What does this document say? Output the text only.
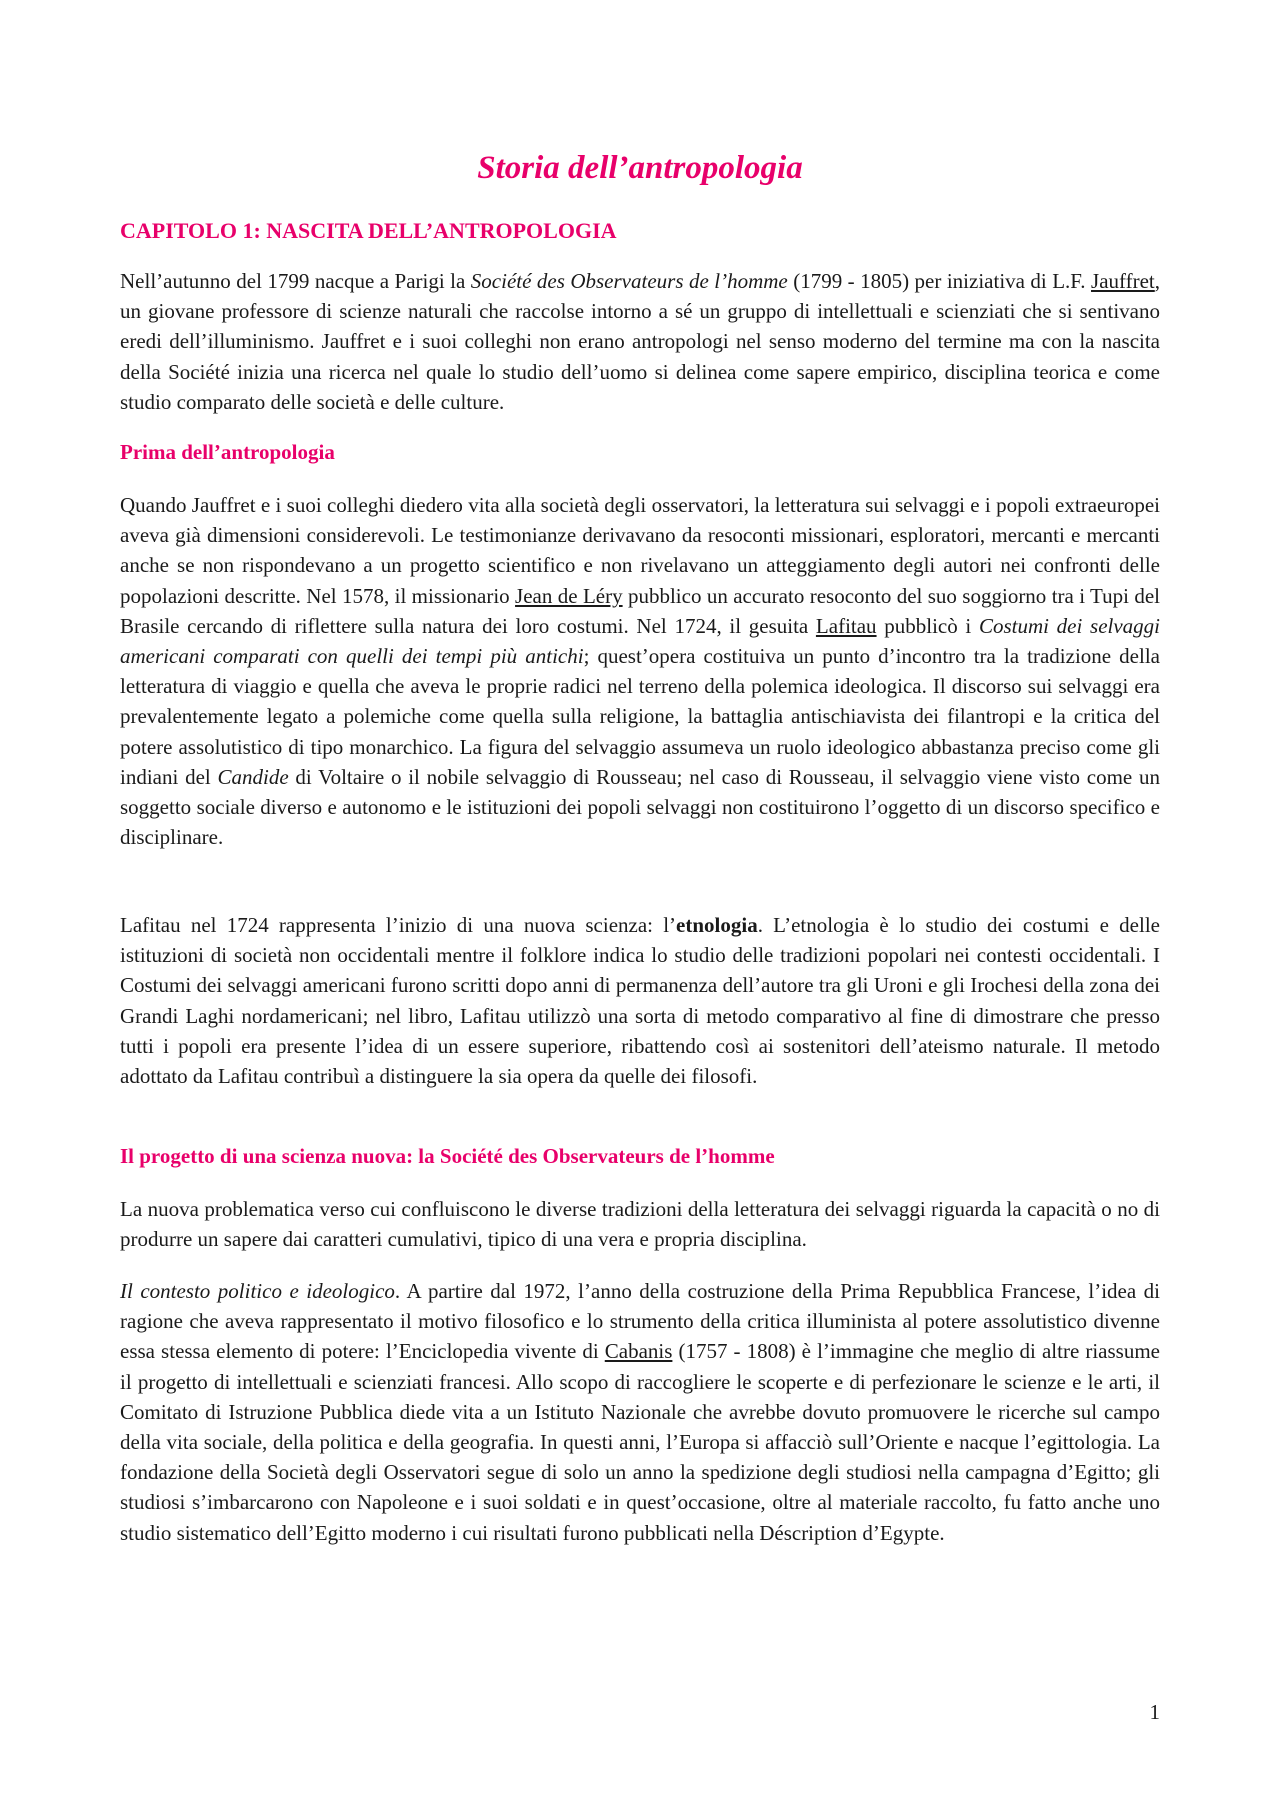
Storia dell’antropologia
CAPITOLO 1: NASCITA DELL’ANTROPOLOGIA

Nell’autunno del 1799 nacque a Parigi la Société des Observateurs de l’homme (1799 - 1805) per iniziativa di L.F. Jauffret, un giovane professore di scienze naturali che raccolse intorno a sé un gruppo di intellettuali e scienziati che si sentivano eredi dell’illuminismo. Jauffret e i suoi colleghi non erano antropologi nel senso moderno del termine ma con la nascita della Société inizia una ricerca nel quale lo studio dell’uomo si delinea come sapere empirico, disciplina teorica e come studio comparato delle società e delle culture.

Prima dell’antropologia

Quando Jauffret e i suoi colleghi diedero vita alla società degli osservatori, la letteratura sui selvaggi e i popoli extraeuropei aveva già dimensioni considerevoli. Le testimonianze derivavano da resoconti missionari, esploratori, mercanti e mercanti anche se non rispondevano a un progetto scientifico e non rivelavano un atteggiamento degli autori nei confronti delle popolazioni descritte. Nel 1578, il missionario Jean de Léry pubblico un accurato resoconto del suo soggiorno tra i Tupi del Brasile cercando di riflettere sulla natura dei loro costumi. Nel 1724, il gesuita Lafitau pubblicò i Costumi dei selvaggi americani comparati con quelli dei tempi più antichi; quest’opera costituiva un punto d’incontro tra la tradizione della letteratura di viaggio e quella che aveva le proprie radici nel terreno della polemica ideologica. Il discorso sui selvaggi era prevalentemente legato a polemiche come quella sulla religione, la battaglia antischiavista dei filantropi e la critica del potere assolutistico di tipo monarchico. La figura del selvaggio assumeva un ruolo ideologico abbastanza preciso come gli indiani del Candide di Voltaire o il nobile selvaggio di Rousseau; nel caso di Rousseau, il selvaggio viene visto come un soggetto sociale diverso e autonomo e le istituzioni dei popoli selvaggi non costituirono l’oggetto di un discorso specifico e disciplinare.

Lafitau nel 1724 rappresenta l’inizio di una nuova scienza: l’etnologia. L’etnologia è lo studio dei costumi e delle istituzioni di società non occidentali mentre il folklore indica lo studio delle tradizioni popolari nei contesti occidentali. I Costumi dei selvaggi americani furono scritti dopo anni di permanenza dell’autore tra gli Uroni e gli Irochesi della zona dei Grandi Laghi nordamericani; nel libro, Lafitau utilizzò una sorta di metodo comparativo al fine di dimostrare che presso tutti i popoli era presente l’idea di un essere superiore, ribattendo così ai sostenitori dell’ateismo naturale. Il metodo adottato da Lafitau contribuì a distinguere la sia opera da quelle dei filosofi.

Il progetto di una scienza nuova: la Société des Observateurs de l’homme

La nuova problematica verso cui confluiscono le diverse tradizioni della letteratura dei selvaggi riguarda la capacità o no di produrre un sapere dai caratteri cumulativi, tipico di una vera e propria disciplina.

Il contesto politico e ideologico. A partire dal 1972, l’anno della costruzione della Prima Repubblica Francese, l’idea di ragione che aveva rappresentato il motivo filosofico e lo strumento della critica illuminista al potere assolutistico divenne essa stessa elemento di potere: l’Enciclopedia vivente di Cabanis (1757 - 1808) è l’immagine che meglio di altre riassume il progetto di intellettuali e scienziati francesi. Allo scopo di raccogliere le scoperte e di perfezionare le scienze e le arti, il Comitato di Istruzione Pubblica diede vita a un Istituto Nazionale che avrebbe dovuto promuovere le ricerche sul campo della vita sociale, della politica e della geografia. In questi anni, l’Europa si affacciò sull’Oriente e nacque l’egittologia. La fondazione della Società degli Osservatori segue di solo un anno la spedizione degli studiosi nella campagna d’Egitto; gli studiosi s’imbarcarono con Napoleone e i suoi soldati e in quest’occasione, oltre al materiale raccolto, fu fatto anche uno studio sistematico dell’Egitto moderno i cui risultati furono pubblicati nella Déscription d’Egypte.

1
